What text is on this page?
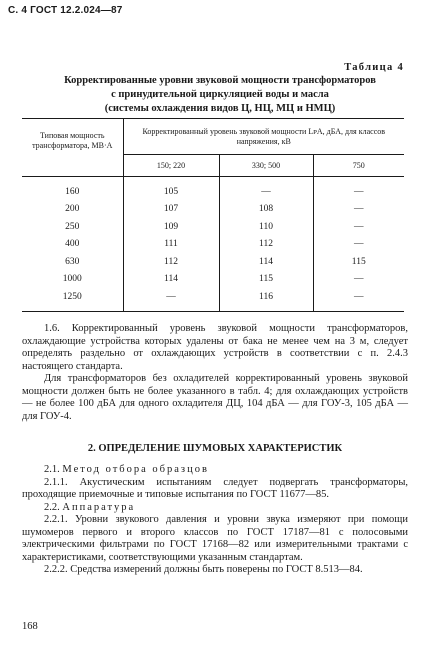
С. 4 ГОСТ 12.2.024—87
Таблица 4
Корректированные уровни звуковой мощности трансформаторов
с принудительной циркуляцией воды и масла
(системы охлаждения видов Ц, НЦ, МЦ и НМЦ)
Типовая мощность трансформатора, МВ·А	Корректированный уровень звуковой мощности LᴘA, дБА, для классов напряжения, кВ		
	150; 220	330; 500	750

160	105	—	—
200	107	108	—
250	109	110	—
400	111	112	—
630	112	114	115
1000	114	115	—
1250	—	116	—

1.6. Корректированный уровень звуковой мощности трансформаторов, охлаждающие устройства которых удалены от бака не менее чем на 3 м, следует определять раздельно от охлаждающих устройств в соответствии с п. 2.4.3 настоящего стандарта.

Для трансформаторов без охладителей корректированный уровень звуковой мощности должен быть не более указанного в табл. 4; для охлаждающих устройств — не более 100 дБА для одного охладителя ДЦ, 104 дБА — для ГОУ-3, 105 дБА — для ГОУ-4.

2. ОПРЕДЕЛЕНИЕ ШУМОВЫХ ХАРАКТЕРИСТИК

2.1. Метод отбора образцов

2.1.1. Акустическим испытаниям следует подвергать трансформаторы, проходящие приемочные и типовые испытания по ГОСТ 11677—85.

2.2. Аппаратура

2.2.1. Уровни звукового давления и уровни звука измеряют при помощи шумомеров первого и второго классов по ГОСТ 17187—81 с полосовыми электрическими фильтрами по ГОСТ 17168—82 или измерительными трактами с характеристиками, соответствующими указанным стандартам.

2.2.2. Средства измерений должны быть поверены по ГОСТ 8.513—84.

168
